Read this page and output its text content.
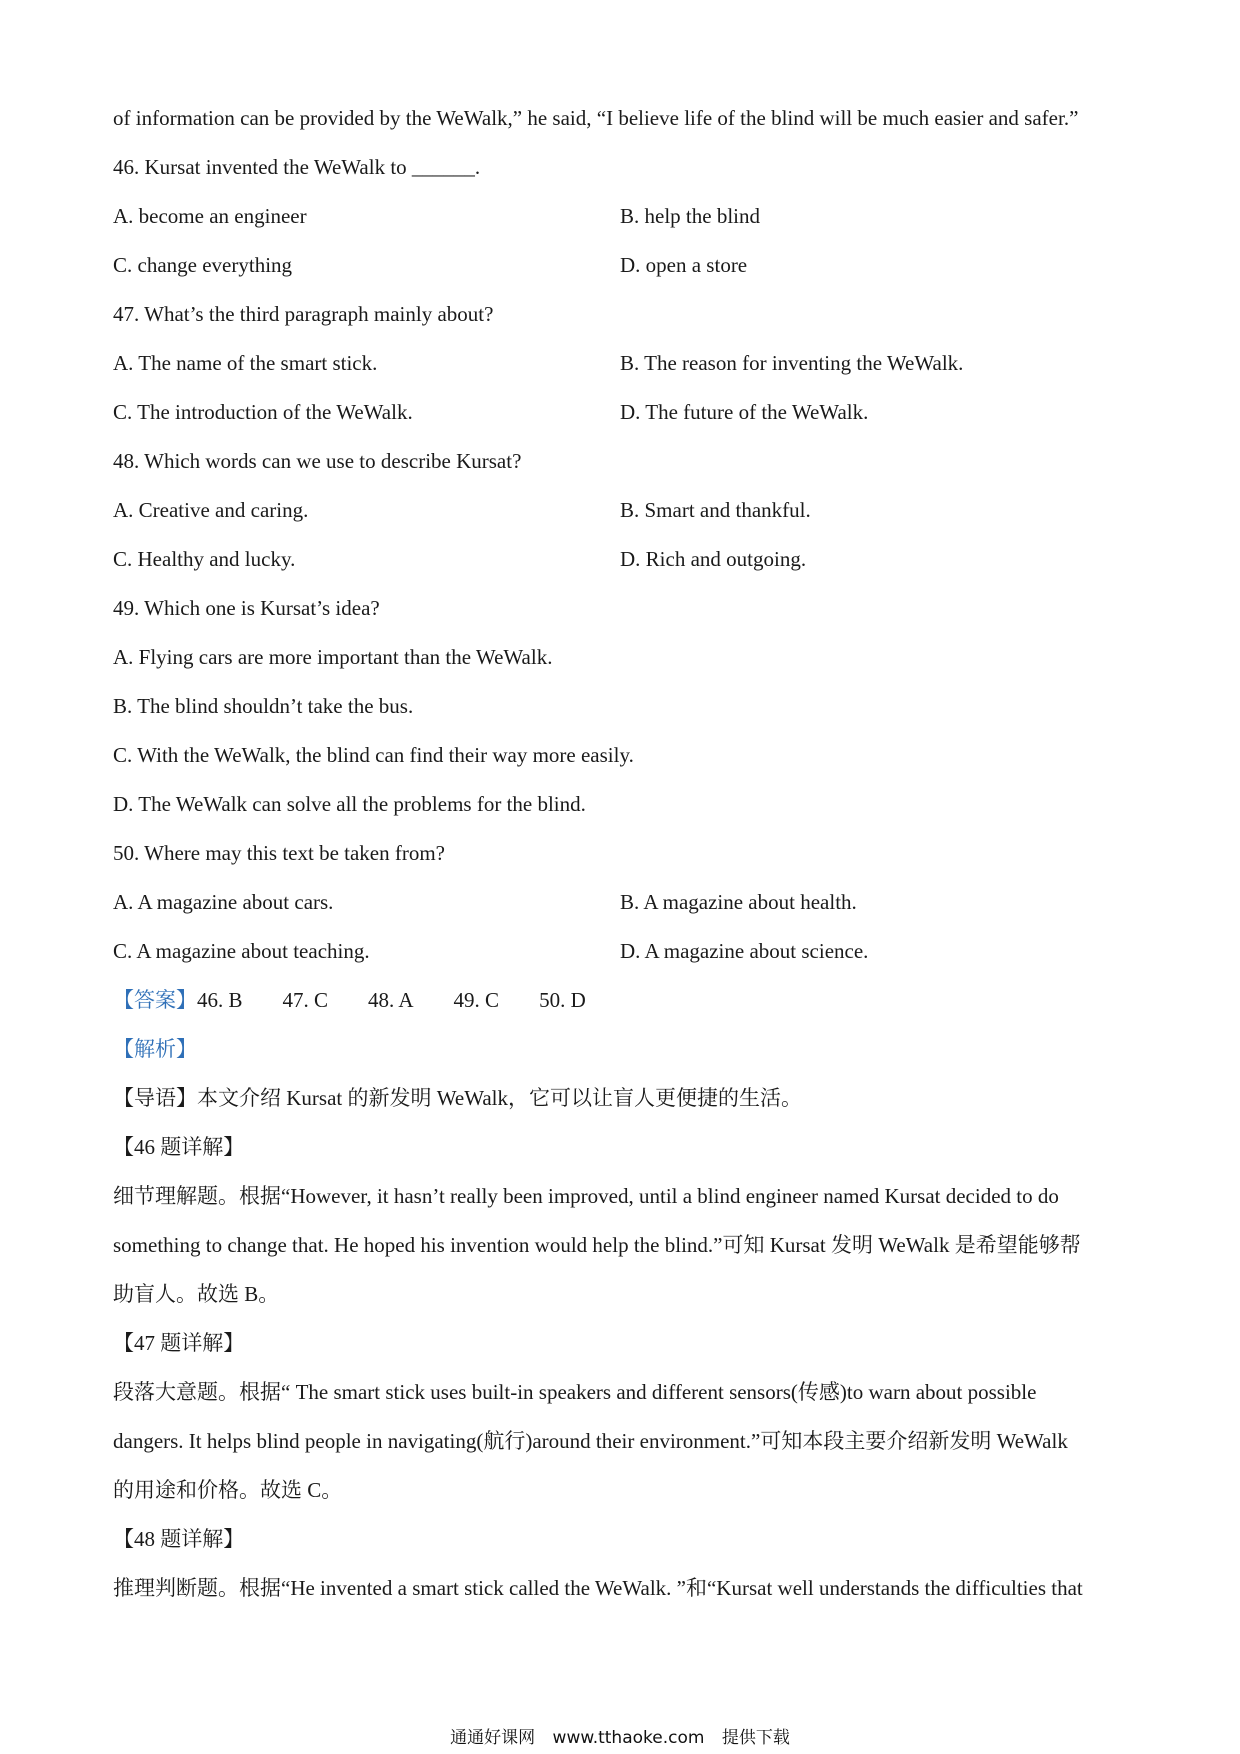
of information can be provided by the WeWalk,” he said, “I believe life of the blind will be much easier and safer.”
46. Kursat invented the WeWalk to ______.
A. become an engineer	B. help the blind
C. change everything	D. open a store
47. What’s the third paragraph mainly about?
A. The name of the smart stick.	B. The reason for inventing the WeWalk.
C. The introduction of the WeWalk.	D. The future of the WeWalk.
48. Which words can we use to describe Kursat?
A. Creative and caring.	B. Smart and thankful.
C. Healthy and lucky.	D. Rich and outgoing.
49. Which one is Kursat’s idea?
A. Flying cars are more important than the WeWalk.
B. The blind shouldn’t take the bus.
C. With the WeWalk, the blind can find their way more easily.
D. The WeWalk can solve all the problems for the blind.
50. Where may this text be taken from?
A. A magazine about cars.	B. A magazine about health.
C. A magazine about teaching.	D. A magazine about science.
【答案】46. B 47. C 48. A 49. C 50. D
【解析】
【导语】本文介绍 Kursat 的新发明 WeWalk，它可以让盲人更便捷的生活。
【46 题详解】
细节理解题。根据“However, it hasn’t really been improved, until a blind engineer named Kursat decided to do
something to change that. He hoped his invention would help the blind.”可知 Kursat 发明 WeWalk 是希望能够帮
助盲人。故选 B。
【47 题详解】
段落大意题。根据“ The smart stick uses built-in speakers and different sensors(传感)to warn about possible
dangers. It helps blind people in navigating(航行)around their environment.”可知本段主要介绍新发明 WeWalk
的用途和价格。故选 C。
【48 题详解】
推理判断题。根据“He invented a smart stick called the WeWalk. ”和“Kursat well understands the difficulties that
通通好课网 www.tthaoke.com 提供下载
